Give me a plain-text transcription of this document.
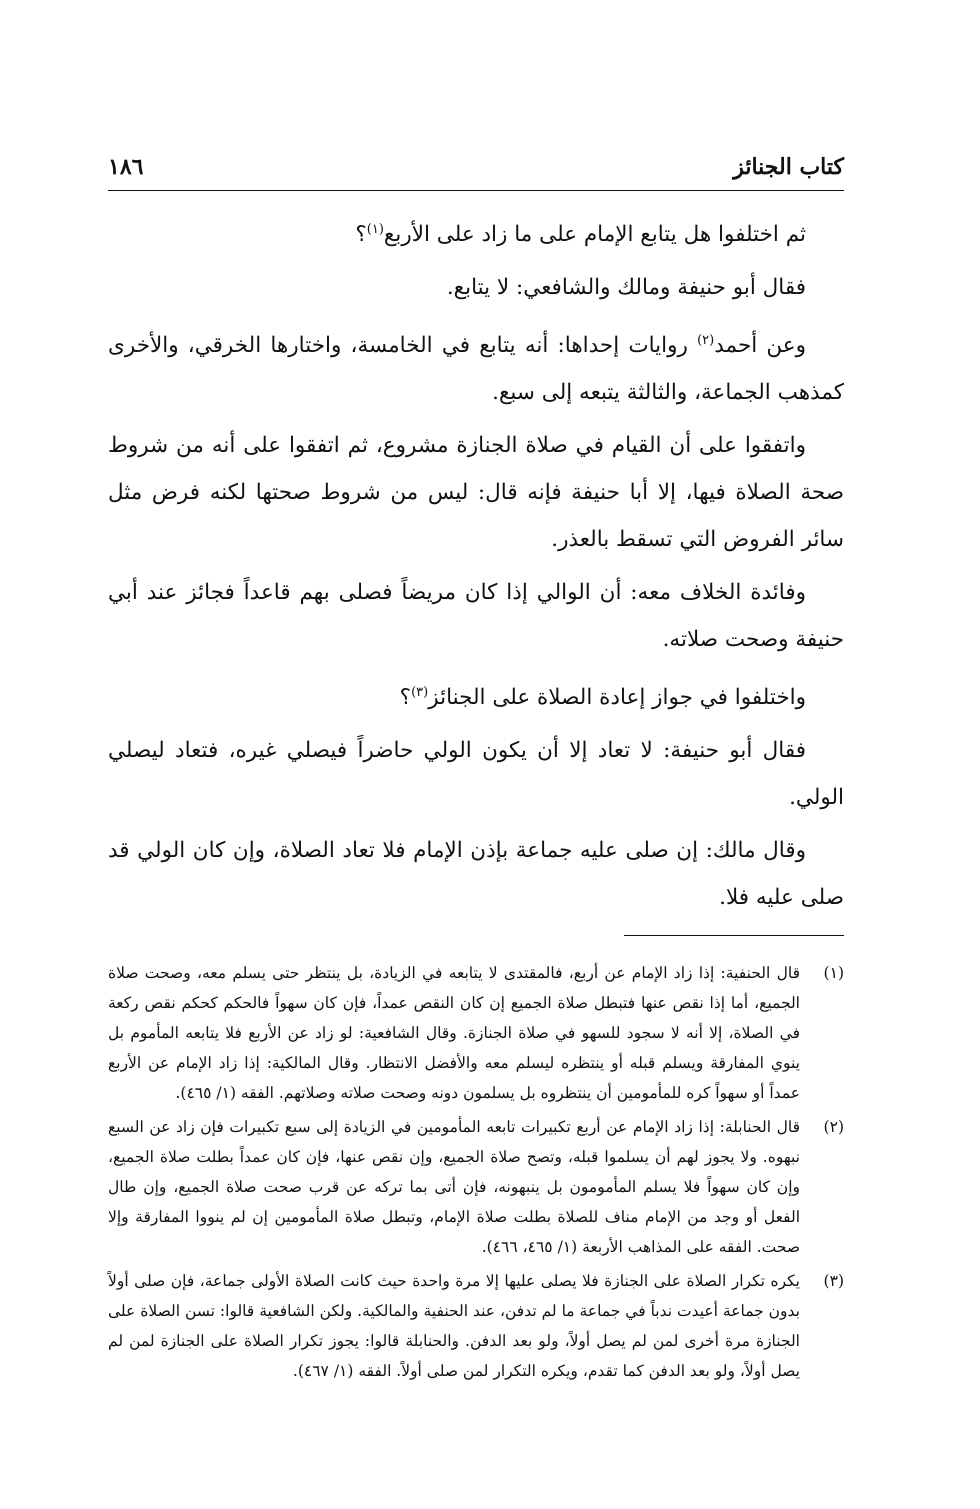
كتاب الجنائز
١٨٦

ثم اختلفوا هل يتابع الإمام على ما زاد على الأربع$^{(١)}$؟

فقال أبو حنيفة ومالك والشافعي: لا يتابع.

وعن أحمد$^{(٢)}$ روايات إحداها: أنه يتابع في الخامسة، واختارها الخرقي، والأخرى كمذهب الجماعة، والثالثة يتبعه إلى سبع.

واتفقوا على أن القيام في صلاة الجنازة مشروع، ثم اتفقوا على أنه من شروط صحة الصلاة فيها، إلا أبا حنيفة فإنه قال: ليس من شروط صحتها لكنه فرض مثل سائر الفروض التي تسقط بالعذر.

وفائدة الخلاف معه: أن الوالي إذا كان مريضاً فصلى بهم قاعداً فجائز عند أبي حنيفة وصحت صلاته.

واختلفوا في جواز إعادة الصلاة على الجنائز$^{(٣)}$؟

فقال أبو حنيفة: لا تعاد إلا أن يكون الولي حاضراً فيصلي غيره، فتعاد ليصلي الولي.

وقال مالك: إن صلى عليه جماعة بإذن الإمام فلا تعاد الصلاة، وإن كان الولي قد صلى عليه فلا.

(١)
قال الحنفية: إذا زاد الإمام عن أربع، فالمقتدى لا يتابعه في الزيادة، بل ينتظر حتى يسلم معه، وصحت صلاة الجميع، أما إذا نقص عنها فتبطل صلاة الجميع إن كان النقص عمداً، فإن كان سهواً فالحكم كحكم نقص ركعة في الصلاة، إلا أنه لا سجود للسهو في صلاة الجنازة. وقال الشافعية: لو زاد عن الأربع فلا يتابعه المأموم بل ينوي المفارقة ويسلم قبله أو ينتظره ليسلم معه والأفضل الانتظار. وقال المالكية: إذا زاد الإمام عن الأربع عمداً أو سهواً كره للمأمومين أن ينتظروه بل يسلمون دونه وصحت صلاته وصلاتهم. الفقه (١/ ٤٦٥).
(٢)
قال الحنابلة: إذا زاد الإمام عن أربع تكبيرات تابعه المأمومين في الزيادة إلى سبع تكبيرات فإن زاد عن السبع نبهوه. ولا يجوز لهم أن يسلموا قبله، وتصح صلاة الجميع، وإن نقص عنها، فإن كان عمداً بطلت صلاة الجميع، وإن كان سهواً فلا يسلم المأمومون بل ينبهونه، فإن أتى بما تركه عن قرب صحت صلاة الجميع، وإن طال الفعل أو وجد من الإمام مناف للصلاة بطلت صلاة الإمام، وتبطل صلاة المأمومين إن لم ينووا المفارقة وإلا صحت. الفقه على المذاهب الأربعة (١/ ٤٦٥، ٤٦٦).
(٣)
يكره تكرار الصلاة على الجنازة فلا يصلى عليها إلا مرة واحدة حيث كانت الصلاة الأولى جماعة، فإن صلى أولاً بدون جماعة أعيدت ندباً في جماعة ما لم تدفن، عند الحنفية والمالكية. ولكن الشافعية قالوا: تسن الصلاة على الجنازة مرة أخرى لمن لم يصل أولاً، ولو بعد الدفن. والحنابلة قالوا: يجوز تكرار الصلاة على الجنازة لمن لم يصل أولاً، ولو بعد الدفن كما تقدم، ويكره التكرار لمن صلى أولاً. الفقه (١/ ٤٦٧).
